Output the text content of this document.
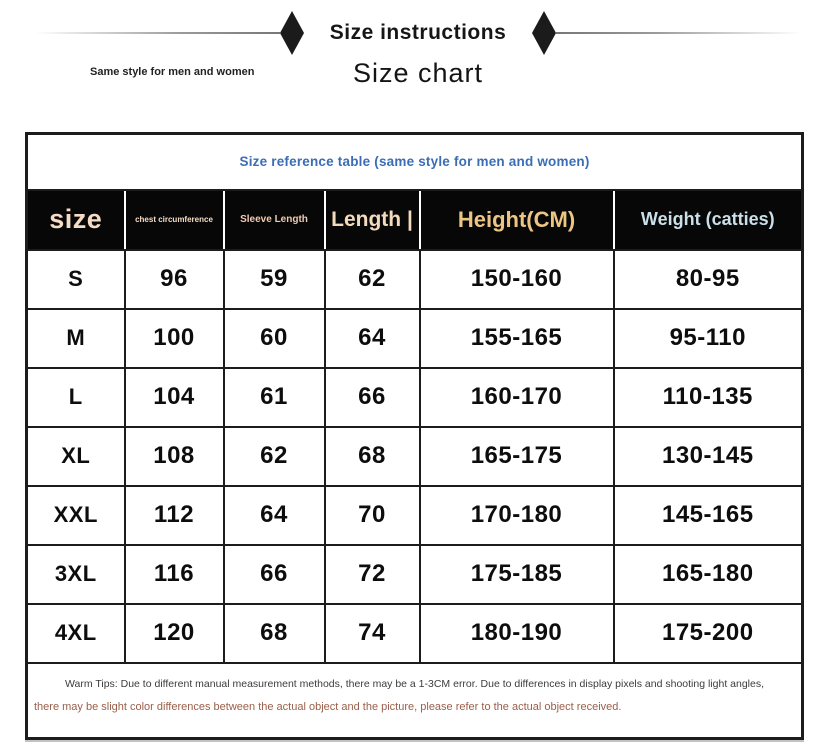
Size instructions
Same style for men and women	Size chart
Size reference table (same style for men and women)					
size	chest circumference	Sleeve Length	Length |	Height(CM)	Weight (catties)
S	96	59	62	150-160	80-95
M	100	60	64	155-165	95-110
L	104	61	66	160-170	110-135
XL	108	62	68	165-175	130-145
XXL	112	64	70	170-180	145-165
3XL	116	66	72	175-185	165-180
4XL	120	68	74	180-190	175-200

Warm Tips: Due to different manual measurement methods, there may be a 1-3CM error. Due to differences in display pixels and shooting light angles,

there may be slight color differences between the actual object and the picture, please refer to the actual object received.					
